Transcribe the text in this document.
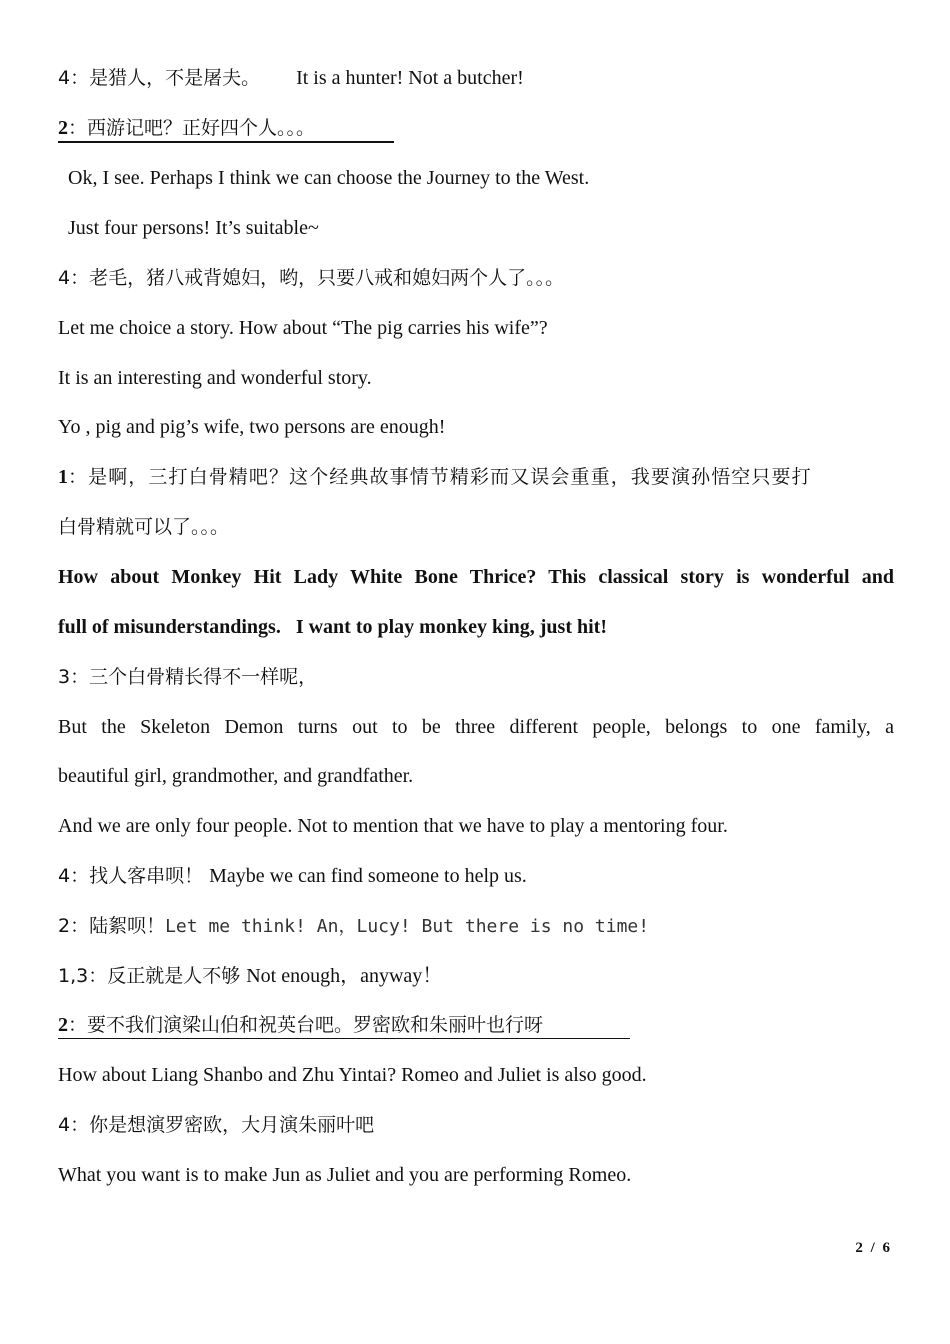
4：是猎人，不是屠夫。 It is a hunter! Not a butcher!
2：西游记吧？正好四个人。。。
Ok, I see. Perhaps I think we can choose the Journey to the West.
Just four persons! It’s suitable~
4：老毛，猪八戒背媳妇，哟，只要八戒和媳妇两个人了。。。
Let me choice a story. How about “The pig carries his wife”?
It is an interesting and wonderful story.
Yo , pig and pig’s wife, two persons are enough!
1：是啊，三打白骨精吧？这个经典故事情节精彩而又误会重重，我要演孙悟空只要打
白骨精就可以了。。。
How about Monkey Hit Lady White Bone Thrice? This classical story is wonderful and
full of misunderstandings.   I want to play monkey king, just hit!
3：三个白骨精长得不一样呢，
But the Skeleton Demon turns out to be three different people, belongs to one family, a
beautiful girl, grandmother, and grandfather.
And we are only four people. Not to mention that we have to play a mentoring four.
4：找人客串呗！ Maybe we can find someone to help us.
2：陆絮呗！Let me think! An，Lucy! But there is no time!
1,3：反正就是人不够 Not enough，anyway！
2：要不我们演梁山伯和祝英台吧。罗密欧和朱丽叶也行呀
How about Liang Shanbo and Zhu Yintai? Romeo and Juliet is also good.
4：你是想演罗密欧，大月演朱丽叶吧
What you want is to make Jun as Juliet and you are performing Romeo.
2 / 6
